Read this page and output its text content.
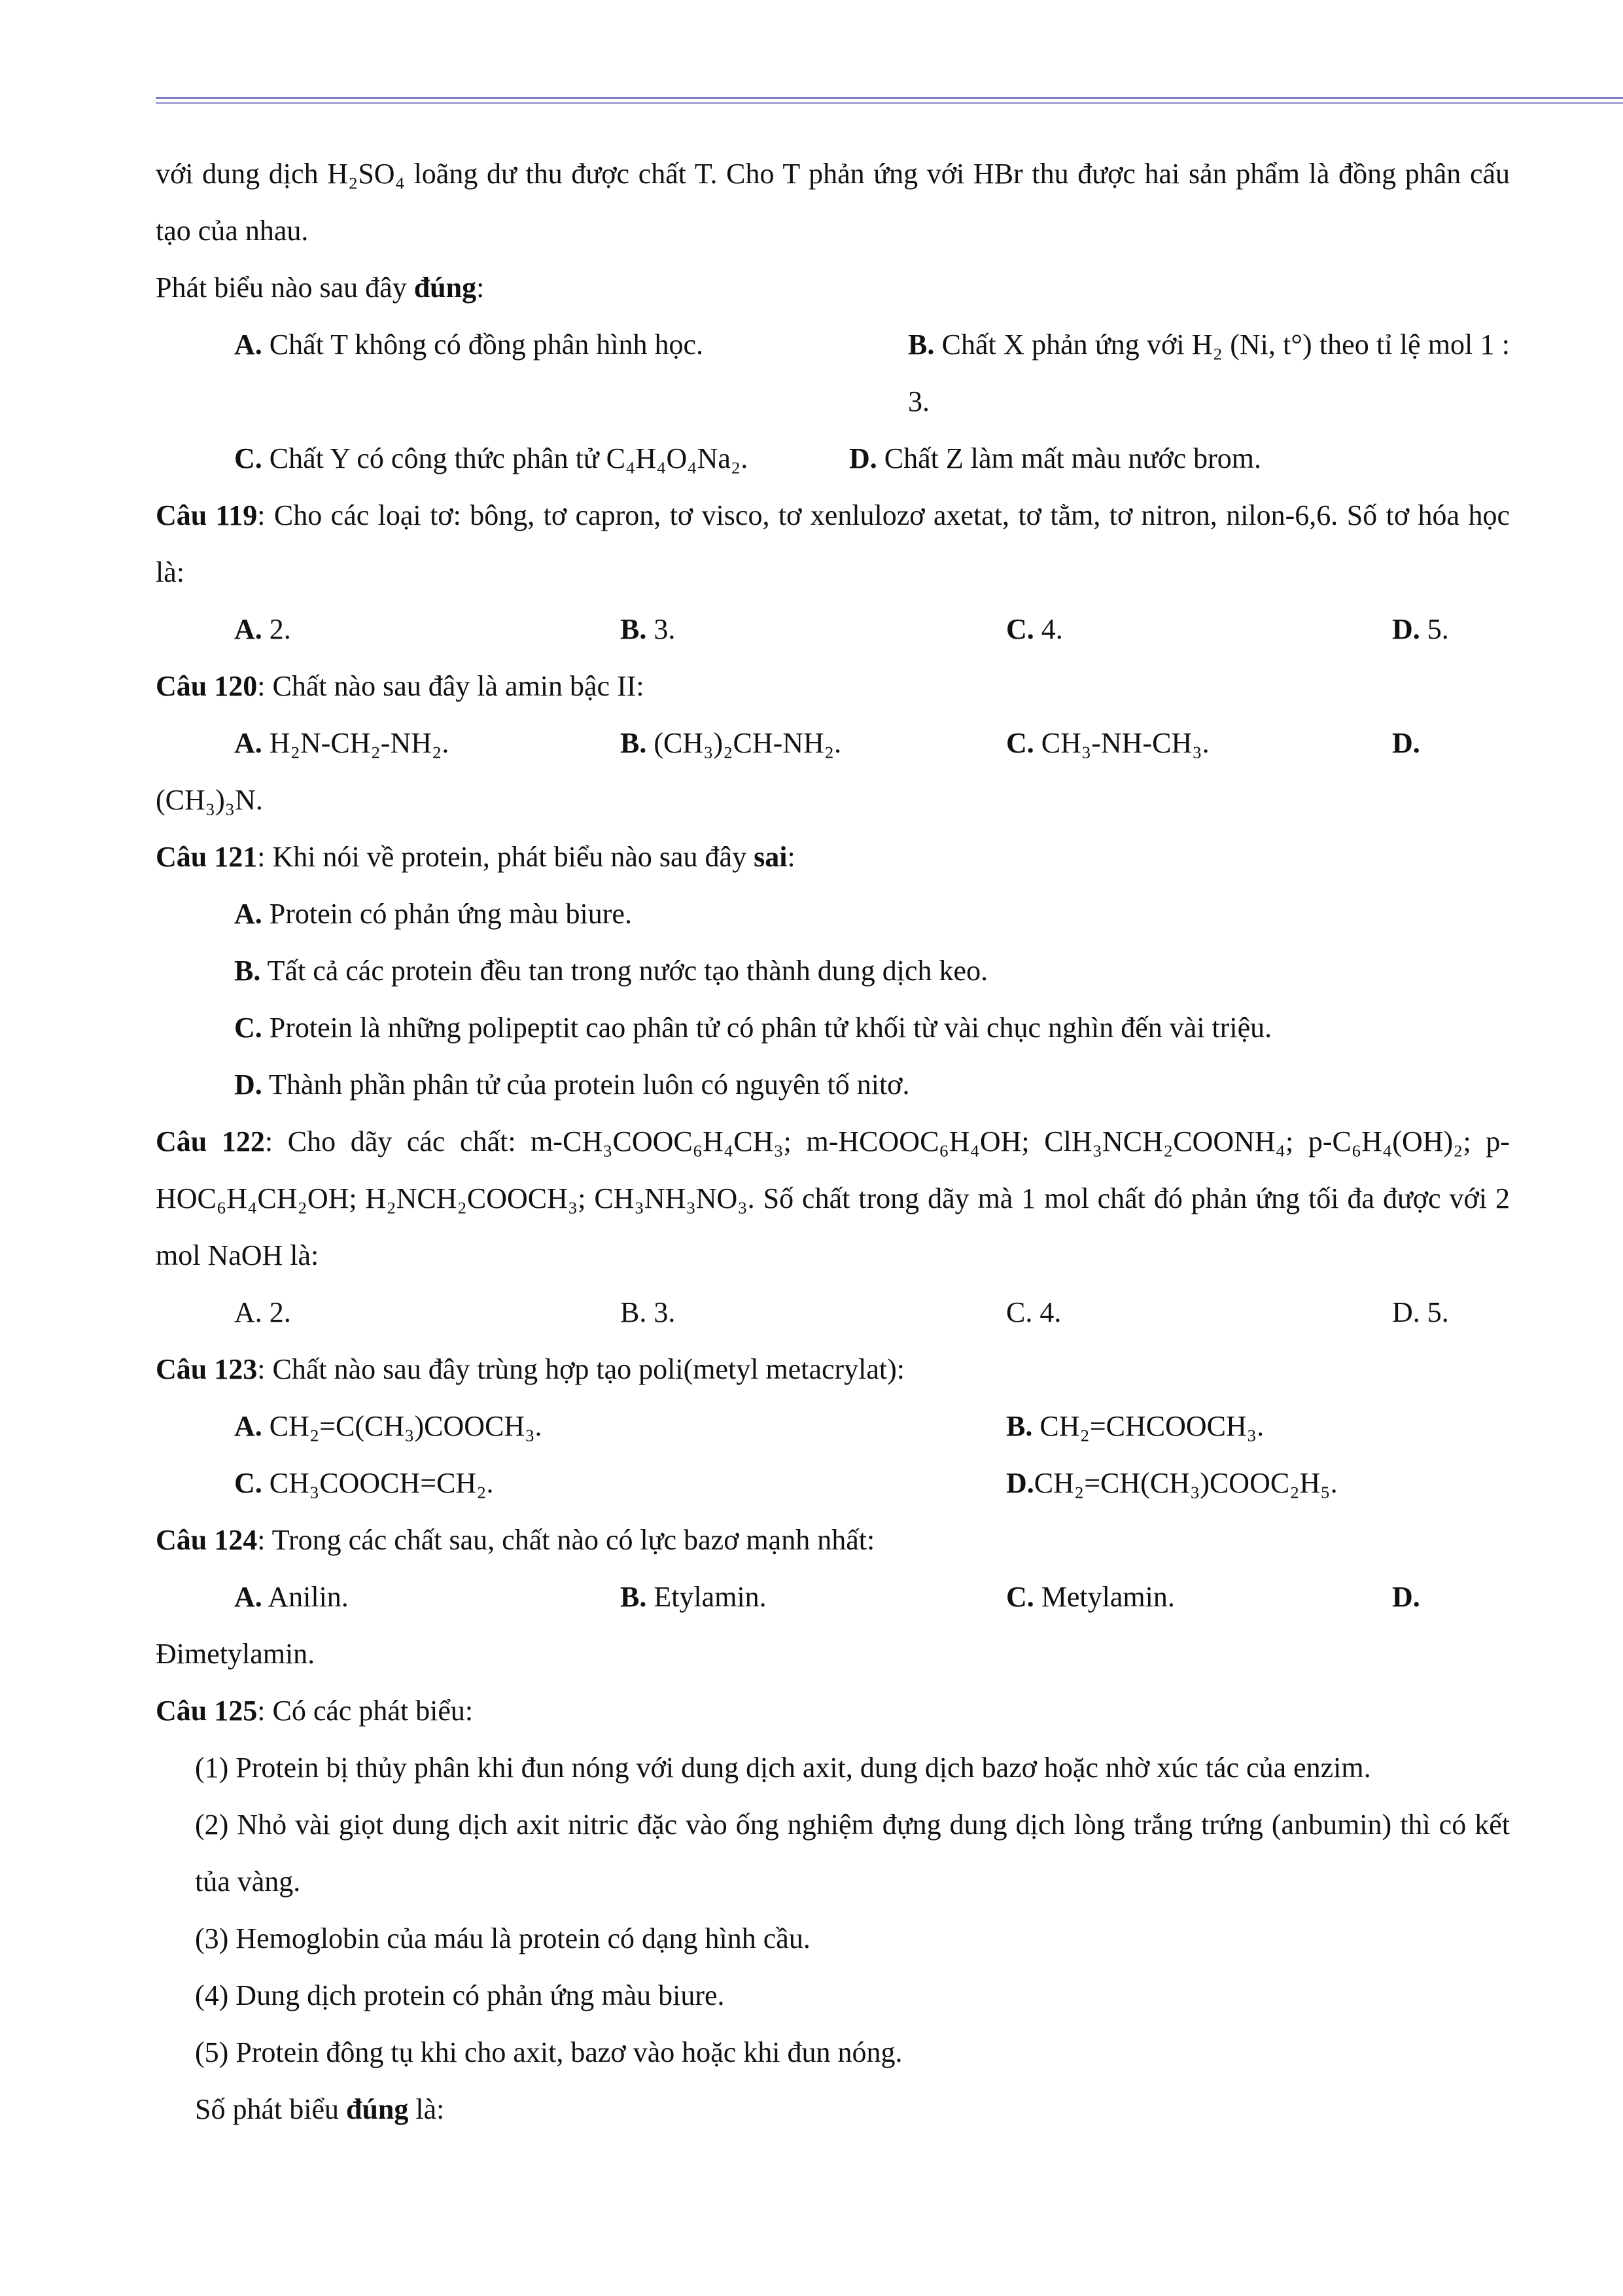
với dung dịch H₂SO₄ loãng dư thu được chất T. Cho T phản ứng với HBr thu được hai sản phẩm là đồng phân cấu tạo của nhau.

Phát biểu nào sau đây đúng:

A. Chất T không có đồng phân hình học.	B. Chất X phản ứng với H₂ (Ni, t°) theo tỉ lệ mol 1 : 3.

C. Chất Y có công thức phân tử C₄H₄O₄Na₂.	D. Chất Z làm mất màu nước brom.

Câu 119: Cho các loại tơ: bông, tơ capron, tơ visco, tơ xenlulozơ axetat, tơ tằm, tơ nitron, nilon-6,6. Số tơ hóa học là:

A. 2.	B. 3.	C. 4.	D. 5.

Câu 120: Chất nào sau đây là amin bậc II:

A. H₂N-CH₂-NH₂.	B. (CH₃)₂CH-NH₂.	C. CH₃-NH-CH₃.	D.

(CH₃)₃N.

Câu 121: Khi nói về protein, phát biểu nào sau đây sai:

A. Protein có phản ứng màu biure.

B. Tất cả các protein đều tan trong nước tạo thành dung dịch keo.

C. Protein là những polipeptit cao phân tử có phân tử khối từ vài chục nghìn đến vài triệu.

D. Thành phần phân tử của protein luôn có nguyên tố nitơ.

Câu 122: Cho dãy các chất: m-CH₃COOC₆H₄CH₃; m-HCOOC₆H₄OH; ClH₃NCH₂COONH₄; p-C₆H₄(OH)₂; p-HOC₆H₄CH₂OH; H₂NCH₂COOCH₃; CH₃NH₃NO₃. Số chất trong dãy mà 1 mol chất đó phản ứng tối đa được với 2 mol NaOH là:

A. 2.	B. 3.	C. 4.	D. 5.

Câu 123: Chất nào sau đây trùng hợp tạo poli(metyl metacrylat):

A. CH₂=C(CH₃)COOCH₃.	B. CH₂=CHCOOCH₃.
C. CH₃COOCH=CH₂.	D.CH₂=CH(CH₃)COOC₂H₅.

Câu 124: Trong các chất sau, chất nào có lực bazơ mạnh nhất:

A. Anilin.	B. Etylamin.	C. Metylamin.	D.

Đimetylamin.

Câu 125: Có các phát biểu:

(1) Protein bị thủy phân khi đun nóng với dung dịch axit, dung dịch bazơ hoặc nhờ xúc tác của enzim.

(2) Nhỏ vài giọt dung dịch axit nitric đặc vào ống nghiệm đựng dung dịch lòng trắng trứng (anbumin) thì có kết tủa vàng.

(3) Hemoglobin của máu là protein có dạng hình cầu.

(4) Dung dịch protein có phản ứng màu biure.

(5) Protein đông tụ khi cho axit, bazơ vào hoặc khi đun nóng.

Số phát biểu đúng là:
